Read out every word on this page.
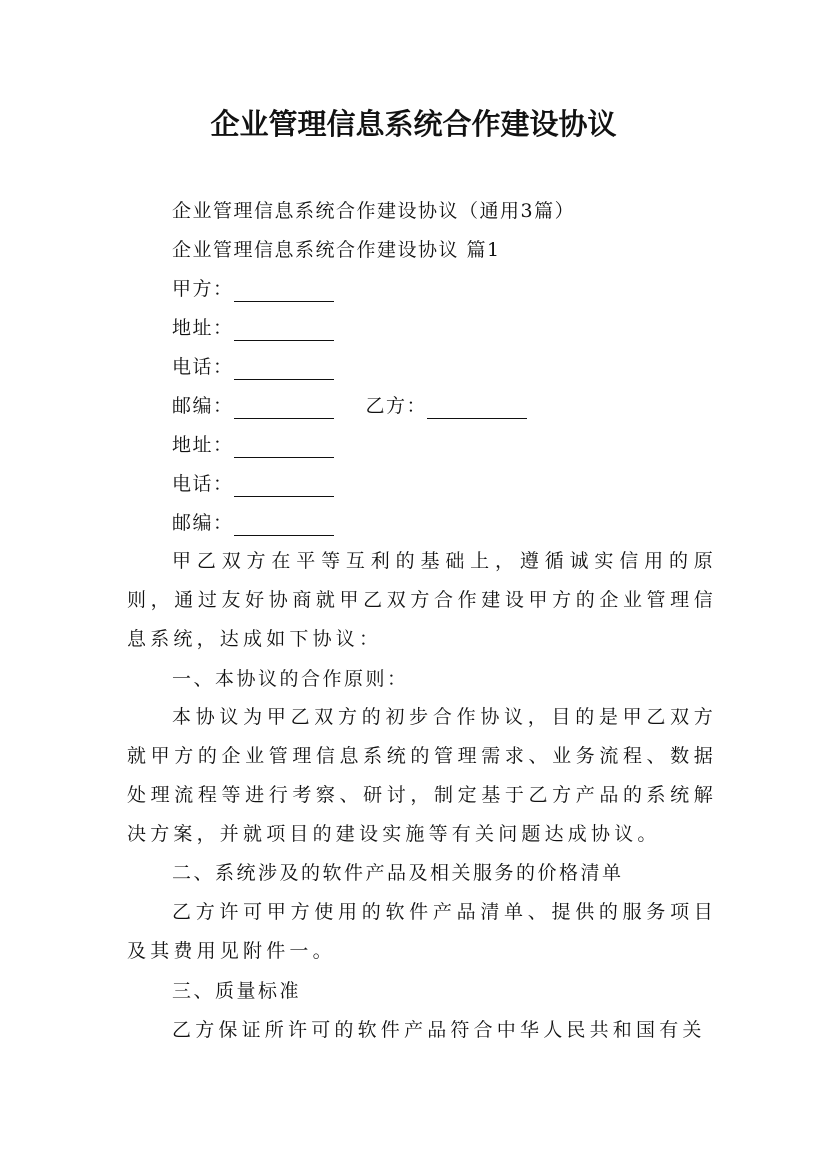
企业管理信息系统合作建设协议
企业管理信息系统合作建设协议（通用3篇）
企业管理信息系统合作建设协议 篇1
甲方：
地址：
电话：
邮编：	乙方：
地址：
电话：
邮编：
甲乙双方在平等互利的基础上，遵循诚实信用的原则，通过友好协商就甲乙双方合作建设甲方的企业管理信息系统，达成如下协议：
一、本协议的合作原则：
本协议为甲乙双方的初步合作协议，目的是甲乙双方就甲方的企业管理信息系统的管理需求、业务流程、数据处理流程等进行考察、研讨，制定基于乙方产品的系统解决方案，并就项目的建设实施等有关问题达成协议。
二、系统涉及的软件产品及相关服务的价格清单
乙方许可甲方使用的软件产品清单、提供的服务项目及其费用见附件一。
三、质量标准
乙方保证所许可的软件产品符合中华人民共和国有关
